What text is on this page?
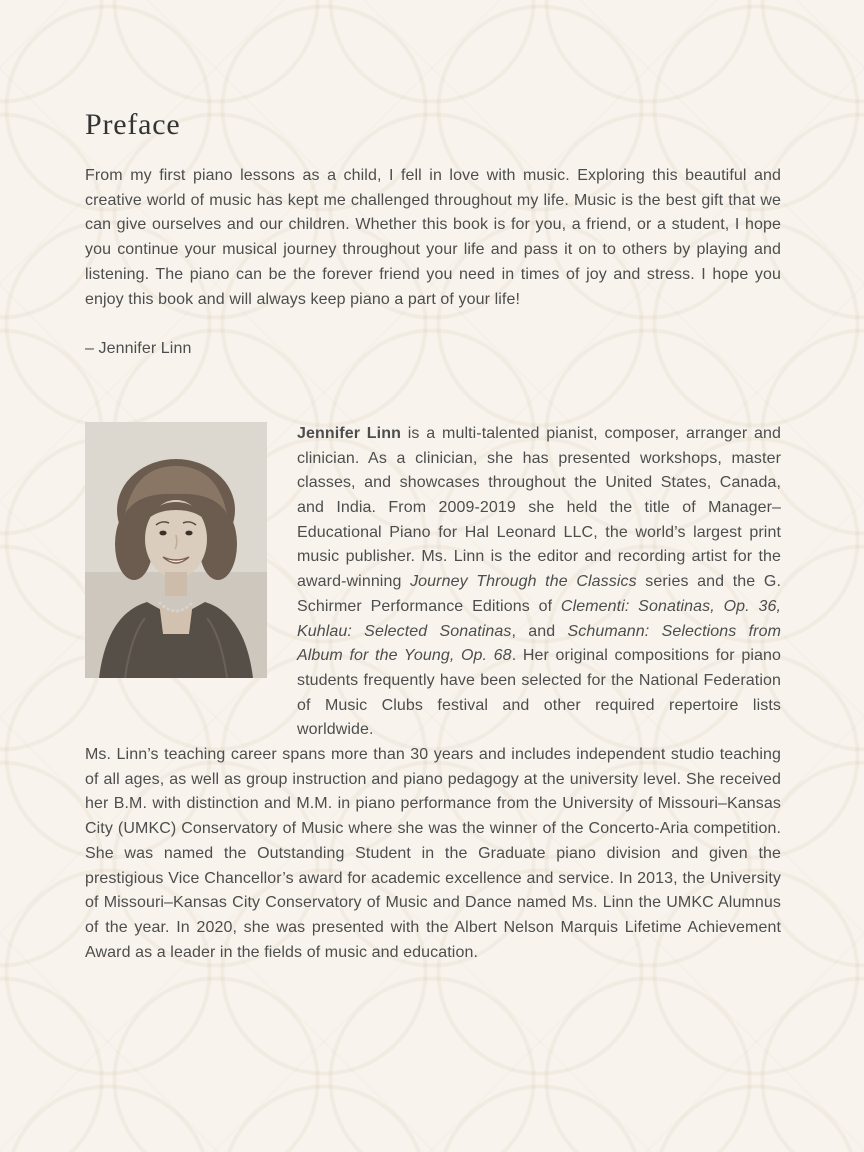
Preface

From my first piano lessons as a child, I fell in love with music. Exploring this beautiful and creative world of music has kept me challenged throughout my life. Music is the best gift that we can give ourselves and our children. Whether this book is for you, a friend, or a student, I hope you continue your musical journey throughout your life and pass it on to others by playing and listening. The piano can be the forever friend you need in times of joy and stress. I hope you enjoy this book and will always keep piano a part of your life!

– Jennifer Linn

Jennifer Linn is a multi-talented pianist, composer, arranger and clinician. As a clinician, she has presented workshops, master classes, and showcases throughout the United States, Canada, and India. From 2009-2019 she held the title of Manager–Educational Piano for Hal Leonard LLC, the world’s largest print music publisher. Ms. Linn is the editor and recording artist for the award-winning Journey Through the Classics series and the G. Schirmer Performance Editions of Clementi: Sonatinas, Op. 36, Kuhlau: Selected Sonatinas, and Schumann: Selections from Album for the Young, Op. 68. Her original compositions for piano students frequently have been selected for the National Federation of Music Clubs festival and other required repertoire lists worldwide.

Ms. Linn’s teaching career spans more than 30 years and includes independent studio teaching of all ages, as well as group instruction and piano pedagogy at the university level. She received her B.M. with distinction and M.M. in piano performance from the University of Missouri–Kansas City (UMKC) Conservatory of Music where she was the winner of the Concerto-Aria competition. She was named the Outstanding Student in the Graduate piano division and given the prestigious Vice Chancellor’s award for academic excellence and service. In 2013, the University of Missouri–Kansas City Conservatory of Music and Dance named Ms. Linn the UMKC Alumnus of the year. In 2020, she was presented with the Albert Nelson Marquis Lifetime Achievement Award as a leader in the fields of music and education.
